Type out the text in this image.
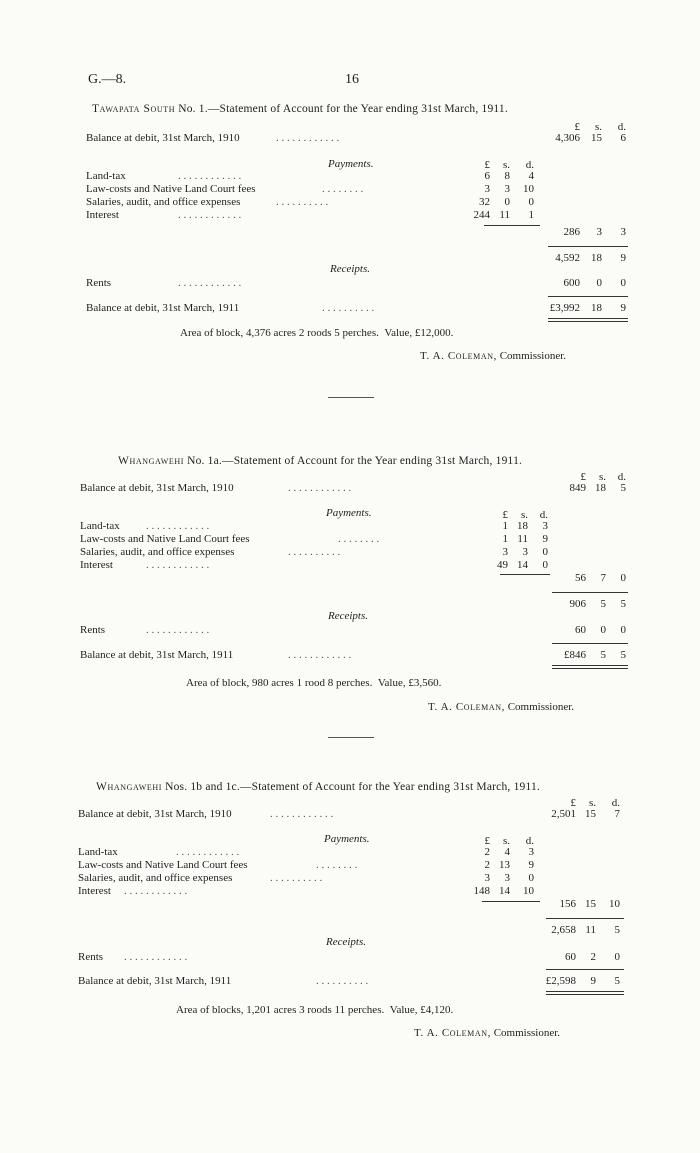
G.—8.	16
Tawapata South No. 1.—Statement of Account for the Year ending 31st March, 1911.
£	s.	d.
Balance at debit, 31st March, 1910	. . . . . . . . . . . .	4,306	15	6
Payments.	£	s.	d.
Land-tax	. . . . . . . . . . . .	6	8	4
Law-costs and Native Land Court fees	. . . . . . . .	3	3	10
Salaries, audit, and office expenses	. . . . . . . . . .	32	0	0
Interest	. . . . . . . . . . . .	244 11	1
286	3	3
4,592	18	9
Receipts.
Rents	. . . . . . . . . . . .	600	0	0
Balance at debit, 31st March, 1911	. . . . . . . . . .	£3,992	18	9
Area of block, 4,376 acres 2 roods 5 perches. Value, £12,000.
T. A. Coleman, Commissioner.
Whangawehi No. 1a.—Statement of Account for the Year ending 31st March, 1911.
£	s.	d.
Balance at debit, 31st March, 1910	. . . . . . . . . . . .	849 18	5
Payments.	£	s.	d.
Land-tax . . . . . . . . . . . .	1 18	3
Law-costs and Native Land Court fees	. . . . . . . .	1 11	9
Salaries, audit, and office expenses	. . . . . . . . . .	3	3	0
Interest	. . . . . . . . . . . .	49 14	0
56	7	0
906	5	5
Receipts.
Rents	. . . . . . . . . . . .	60	0	0
Balance at debit, 31st March, 1911	. . . . . . . . . . . .	£846	5	5
Area of block, 980 acres 1 rood 8 perches. Value, £3,560.
T. A. Coleman, Commissioner.
Whangawehi Nos. 1b and 1c.—Statement of Account for the Year ending 31st March, 1911.
£	s.	d.
Balance at debit, 31st March, 1910	. . . . . . . . . . . .	2,501 15	7
Payments.	£	s.	d.
Land-tax	. . . . . . . . . . . .	2	4	3
Law-costs and Native Land Court fees	. . . . . . . .	2 13	9
Salaries, audit, and office expenses	. . . . . . . . . .	3	3	0
Interest . . . . . . . . . . . .	148 14	10
156 15	10
2,658 11	5
Receipts.
Rents . . . . . . . . . . . .	60	2	0
Balance at debit, 31st March, 1911	. . . . . . . . . .	£2,598	9	5
Area of blocks, 1,201 acres 3 roods 11 perches. Value, £4,120.
T. A. Coleman, Commissioner.
